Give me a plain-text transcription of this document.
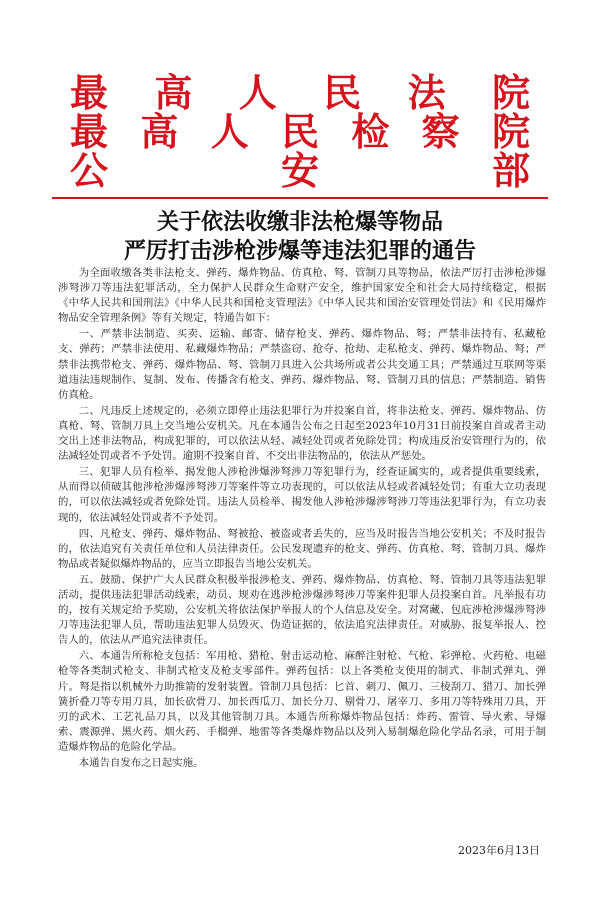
最 高 人 民 法 院
最 高 人 民 检 察 院
公	安	部
关于依法收缴非法枪爆等物品
严厉打击涉枪涉爆等违法犯罪的通告

为全面收缴各类非法枪支、弹药、爆炸物品、仿真枪、弩、管制刀具等物品，依法严厉打击涉枪涉爆涉弩涉刀等违法犯罪活动，全力保护人民群众生命财产安全，维护国家安全和社会大局持续稳定，根据《中华人民共和国刑法》《中华人民共和国枪支管理法》《中华人民共和国治安管理处罚法》和《民用爆炸物品安全管理条例》等有关规定，特通告如下：

一、严禁非法制造、买卖、运输、邮寄、储存枪支、弹药、爆炸物品、弩；严禁非法持有、私藏枪支、弹药；严禁非法使用、私藏爆炸物品；严禁盗窃、抢夺、抢劫、走私枪支、弹药、爆炸物品、弩；严禁非法携带枪支、弹药、爆炸物品、弩、管制刀具进入公共场所或者公共交通工具；严禁通过互联网等渠道违法违规制作、复制、发布、传播含有枪支、弹药、爆炸物品、弩、管制刀具的信息；严禁制造、销售仿真枪。

二、凡违反上述规定的，必须立即停止违法犯罪行为并投案自首，将非法枪支、弹药、爆炸物品、仿真枪、弩、管制刀具上交当地公安机关。凡在本通告公布之日起至2023年10月31日前投案自首或者主动交出上述非法物品，构成犯罪的，可以依法从轻、减轻处罚或者免除处罚；构成违反治安管理行为的，依法减轻处罚或者不予处罚。逾期不投案自首、不交出非法物品的，依法从严惩处。

三、犯罪人员有检举、揭发他人涉枪涉爆涉弩涉刀等犯罪行为，经查证属实的，或者提供重要线索，从而得以侦破其他涉枪涉爆涉弩涉刀等案件等立功表现的，可以依法从轻或者减轻处罚；有重大立功表现的，可以依法减轻或者免除处罚。违法人员检举、揭发他人涉枪涉爆涉弩涉刀等违法犯罪行为，有立功表现的，依法减轻处罚或者不予处罚。

四、凡枪支、弹药、爆炸物品、弩被抢、被盗或者丢失的，应当及时报告当地公安机关；不及时报告的，依法追究有关责任单位和人员法律责任。公民发现遗弃的枪支、弹药、仿真枪、弩、管制刀具、爆炸物品或者疑似爆炸物品的，应当立即报告当地公安机关。

五、鼓励、保护广大人民群众积极举报涉枪支、弹药、爆炸物品、仿真枪、弩、管制刀具等违法犯罪活动，提供违法犯罪活动线索，动员、规劝在逃涉枪涉爆涉弩涉刀等案件犯罪人员投案自首。凡举报有功的，按有关规定给予奖励，公安机关将依法保护举报人的个人信息及安全。对窝藏、包庇涉枪涉爆涉弩涉刀等违法犯罪人员，帮助违法犯罪人员毁灭、伪造证据的，依法追究法律责任。对威胁、报复举报人、控告人的，依法从严追究法律责任。

六、本通告所称枪支包括：军用枪、猎枪、射击运动枪、麻醉注射枪、气枪、彩弹枪、火药枪、电磁枪等各类制式枪支、非制式枪支及枪支零部件。弹药包括：以上各类枪支使用的制式、非制式弹丸、弹片。弩是指以机械外力助推箭的发射装置。管制刀具包括：匕首、刺刀、佩刀、三棱刮刀、猎刀、加长弹簧折叠刀等专用刀具，加长砍骨刀、加长西瓜刀、加长分刀、剔骨刀、屠宰刀、多用刀等特殊用刀具，开刃的武术、工艺礼品刀具，以及其他管制刀具。本通告所称爆炸物品包括：炸药、雷管、导火索、导爆索、震源弹、黑火药、烟火药、手榴弹、地雷等各类爆炸物品以及列入易制爆危险化学品名录，可用于制造爆炸物品的危险化学品。

本通告自发布之日起实施。

2023年6月13日
